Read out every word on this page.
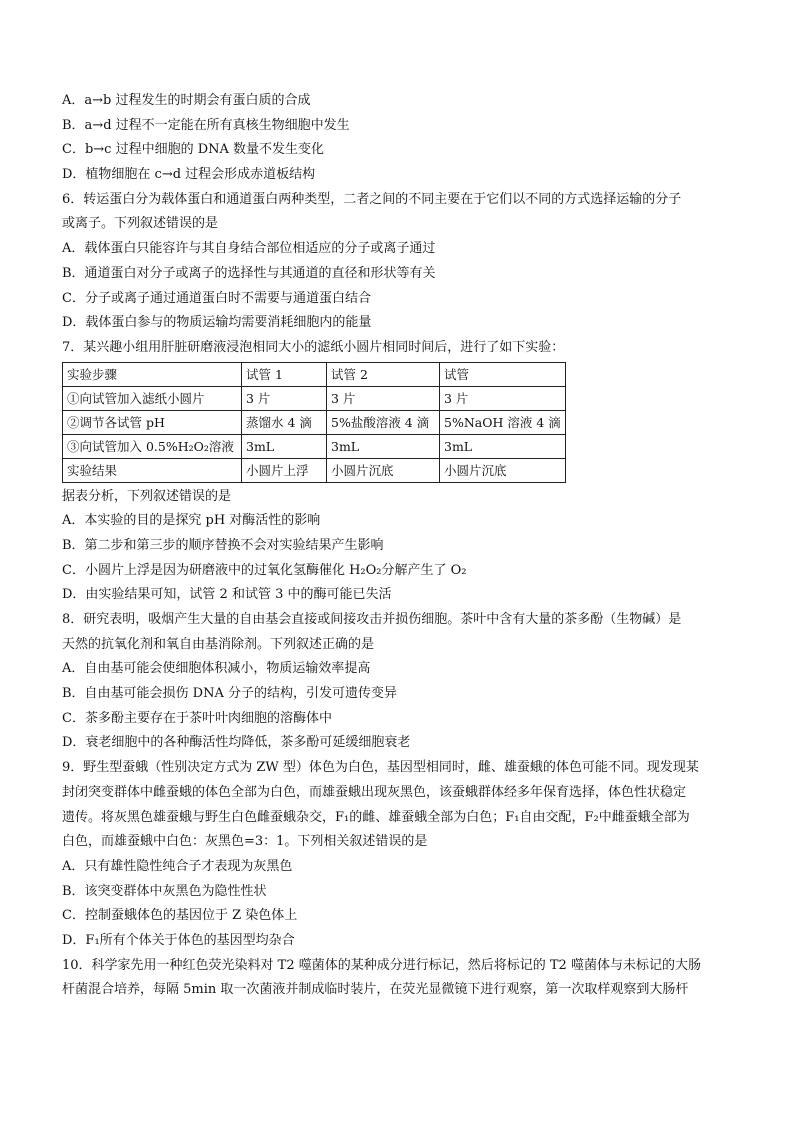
A．a→b 过程发生的时期会有蛋白质的合成
B．a→d 过程不一定能在所有真核生物细胞中发生
C．b→c 过程中细胞的 DNA 数量不发生变化
D．植物细胞在 c→d 过程会形成赤道板结构
6．转运蛋白分为载体蛋白和通道蛋白两种类型，二者之间的不同主要在于它们以不同的方式选择运输的分子
或离子。下列叙述错误的是
A．载体蛋白只能容许与其自身结合部位相适应的分子或离子通过
B．通道蛋白对分子或离子的选择性与其通道的直径和形状等有关
C．分子或离子通过通道蛋白时不需要与通道蛋白结合
D．载体蛋白参与的物质运输均需要消耗细胞内的能量
7．某兴趣小组用肝脏研磨液浸泡相同大小的滤纸小圆片相同时间后，进行了如下实验：
实验步骤	试管 1	试管 2	试管
①向试管加入滤纸小圆片	3 片	3 片	3 片
②调节各试管 pH	蒸馏水 4 滴	5%盐酸溶液 4 滴	5%NaOH 溶液 4 滴
③向试管加入 0.5%H₂O₂溶液	3mL	3mL	3mL
实验结果	小圆片上浮	小圆片沉底	小圆片沉底
据表分析，下列叙述错误的是
A．本实验的目的是探究 pH 对酶活性的影响
B．第二步和第三步的顺序替换不会对实验结果产生影响
C．小圆片上浮是因为研磨液中的过氧化氢酶催化 H₂O₂分解产生了 O₂
D．由实验结果可知，试管 2 和试管 3 中的酶可能已失活
8．研究表明，吸烟产生大量的自由基会直接或间接攻击并损伤细胞。茶叶中含有大量的茶多酚（生物碱）是
天然的抗氧化剂和氧自由基消除剂。下列叙述正确的是
A．自由基可能会使细胞体积减小，物质运输效率提高
B．自由基可能会损伤 DNA 分子的结构，引发可遗传变异
C．茶多酚主要存在于茶叶叶肉细胞的溶酶体中
D．衰老细胞中的各种酶活性均降低，茶多酚可延缓细胞衰老
9．野生型蚕蛾（性别决定方式为 ZW 型）体色为白色，基因型相同时，雌、雄蚕蛾的体色可能不同。现发现某
封闭突变群体中雌蚕蛾的体色全部为白色，而雄蚕蛾出现灰黑色，该蚕蛾群体经多年保育选择，体色性状稳定
遗传。将灰黑色雄蚕蛾与野生白色雌蚕蛾杂交，F₁的雌、雄蚕蛾全部为白色；F₁自由交配，F₂中雌蚕蛾全部为
白色，而雄蚕蛾中白色：灰黑色=3：1。下列相关叙述错误的是
A．只有雄性隐性纯合子才表现为灰黑色
B．该突变群体中灰黑色为隐性性状
C．控制蚕蛾体色的基因位于 Z 染色体上
D．F₁所有个体关于体色的基因型均杂合
10．科学家先用一种红色荧光染料对 T2 噬菌体的某种成分进行标记，然后将标记的 T2 噬菌体与未标记的大肠
杆菌混合培养，每隔 5min 取一次菌液并制成临时装片，在荧光显微镜下进行观察，第一次取样观察到大肠杆
